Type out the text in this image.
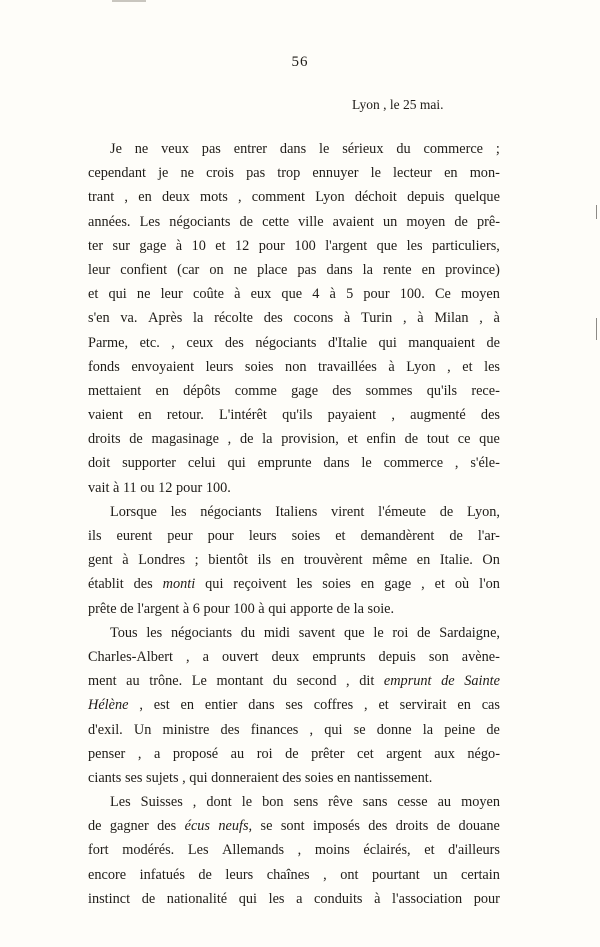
56
Lyon , le 25 mai.
Je ne veux pas entrer dans le sérieux du commerce ;
cependant je ne crois pas trop ennuyer le lecteur en mon-
trant , en deux mots , comment Lyon déchoit depuis quelque
années. Les négociants de cette ville avaient un moyen de prê-
ter sur gage à 10 et 12 pour 100 l'argent que les particuliers,
leur confient (car on ne place pas dans la rente en province)
et qui ne leur coûte à eux que 4 à 5 pour 100. Ce moyen
s'en va. Après la récolte des cocons à Turin , à Milan , à
Parme, etc. , ceux des négociants d'Italie qui manquaient de
fonds envoyaient leurs soies non travaillées à Lyon , et les
mettaient en dépôts comme gage des sommes qu'ils rece-
vaient en retour. L'intérêt qu'ils payaient , augmenté des
droits de magasinage , de la provision, et enfin de tout ce que
doit supporter celui qui emprunte dans le commerce , s'éle-
vait à 11 ou 12 pour 100.
Lorsque les négociants Italiens virent l'émeute de Lyon,
ils eurent peur pour leurs soies et demandèrent de l'ar-
gent à Londres ; bientôt ils en trouvèrent même en Italie. On
établit des monti qui reçoivent les soies en gage , et où l'on
prête de l'argent à 6 pour 100 à qui apporte de la soie.
Tous les négociants du midi savent que le roi de Sardaigne,
Charles-Albert , a ouvert deux emprunts depuis son avène-
ment au trône. Le montant du second , dit emprunt de Sainte
Hélène , est en entier dans ses coffres , et servirait en cas
d'exil. Un ministre des finances , qui se donne la peine de
penser , a proposé au roi de prêter cet argent aux négo-
ciants ses sujets , qui donneraient des soies en nantissement.
Les Suisses , dont le bon sens rêve sans cesse au moyen
de gagner des écus neufs, se sont imposés des droits de douane
fort modérés. Les Allemands , moins éclairés, et d'ailleurs
encore infatués de leurs chaînes , ont pourtant un certain
instinct de nationalité qui les a conduits à l'association pour
